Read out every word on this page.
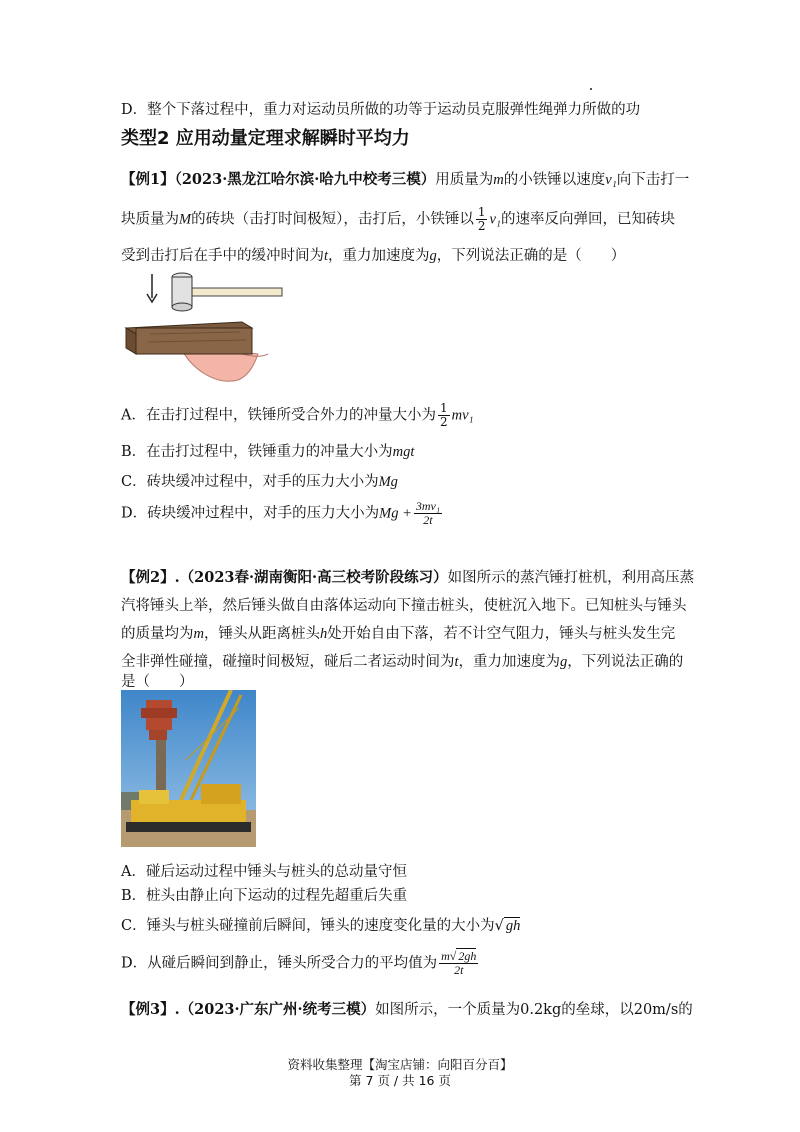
D．整个下落过程中，重力对运动员所做的功等于运动员克服弹性绳弹力所做的功
类型2 应用动量定理求解瞬时平均力
【例1】（2023·黑龙江哈尔滨·哈九中校考三模）用质量为m的小铁锤以速度v₁向下击打一
块质量为M的砖块（击打时间极短），击打后，小铁锤以 $\frac{1}{2} v_1$的速率反向弹回，已知砖块
受到击打后在手中的缓冲时间为t，重力加速度为g，下列说法正确的是（　　）
A．在击打过程中，铁锤所受合外力的冲量大小为 $\frac{1}{2} mv_1$
B．在击打过程中，铁锤重力的冲量大小为mgt
C．砖块缓冲过程中，对手的压力大小为Mg
D．砖块缓冲过程中，对手的压力大小为$Mg + \frac{\text{3mv₁}}{2t}$
【例2】.（2023春·湖南衡阳·高三校考阶段练习）如图所示的蒸汽锤打桩机，利用高压蒸
汽将锤头上举，然后锤头做自由落体运动向下撞击桩头，使桩沉入地下。已知桩头与锤头
的质量均为m，锤头从距离桩头h处开始自由下落，若不计空气阻力，锤头与桩头发生完
全非弹性碰撞，碰撞时间极短，碰后二者运动时间为t，重力加速度为g，下列说法正确的
是（　　）
A．碰后运动过程中锤头与桩头的总动量守恒
B．桩头由静止向下运动的过程先超重后失重
C．锤头与桩头碰撞前后瞬间，锤头的速度变化量的大小为√ gh
D．从碰后瞬间到静止，锤头所受合力的平均值为 $\frac{m√ 2gh}{2t}$
【例3】.（2023·广东广州·统考三模）如图所示，一个质量为0.2kg的垒球，以20m/s的
资料收集整理【淘宝店铺：向阳百分百】
第 7 页 / 共 16 页
